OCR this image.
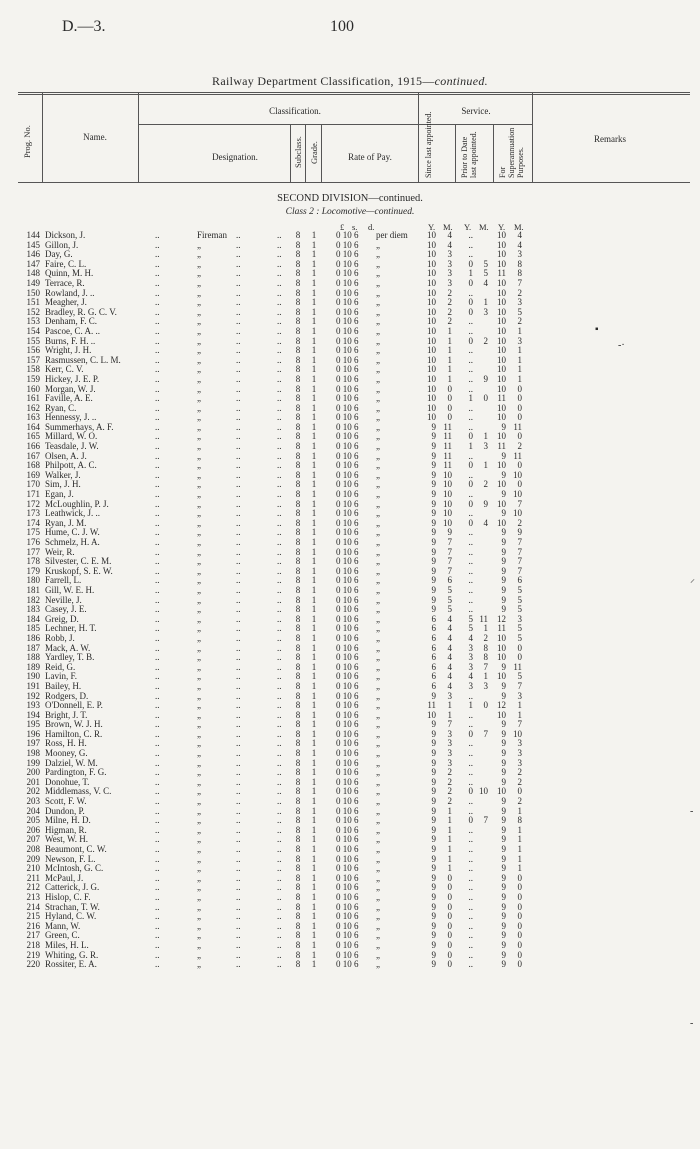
D.—3.	100
Railway Department Classification, 1915—continued.
Prog. No.	Name.
Classification.	Service.
Designation.	Subclass. Grade.	Rate of Pay.	Since last appointed.	Prior to Date last appointed.	For Superannuation Purposes.
Remarks
SECOND DIVISION—continued.
Class 2 : Locomotive—continued.
£ s. d.	Y. M. Y. M. Y. M.
144 Dickson, J.	..	Fireman ..	..	8	1	0 10 6 per diem	10	4	..	10	4
145 Gillon, J.	..	„	..	..	8	1	0 10 6 „	10	4	..	10	4
146 Day, G.	..	„	..	..	8	1	0 10 6 „	10	3	..	10	3
147 Faire, C. L.	..	„	..	..	8	1	0 10 6 „	10	3	0	5	10	8
148 Quinn, M. H.	..	„	..	..	8	1	0 10 6 „	10	3	1	5	11	8
149 Terrace, R.	..	„	..	..	8	1	0 10 6 „	10	3	0	4	10	7
150 Rowland, J. ..	..	„	..	..	8	1	0 10 6 „	10	2	..	10	2
151 Meagher, J.	..	„	..	..	8	1	0 10 6 „	10	2	0	1	10	3
152 Bradley, R. G. C. V.	..	„	..	..	8	1	0 10 6 „	10	2	0	3	10	5
153 Denham, F. C.	..	„	..	..	8	1	0 10 6 „	10	2	..	10	2
154 Pascoe, C. A. ..	..	„	..	..	8	1	0 10 6 „	10	1	..	10	1
155 Burns, F. H. ..	..	„	..	..	8	1	0 10 6 „	10	1	0	2	10	3
156 Wright, J. H.	..	„	..	..	8	1	0 10 6 „	10	1	..	10	1
157 Rasmussen, C. L. M.	..	„	..	..	8	1	0 10 6 „	10	1	..	10	1
158 Kerr, C. V.	..	„	..	..	8	1	0 10 6 „	10	1	..	10	1
159 Hickey, J. E. P.	..	„	..	..	8	1	0 10 6 „	10	1	..	9	10	1
160 Morgan, W. J.	..	„	..	..	8	1	0 10 6 „	10	0	..	10	0
161 Faville, A. E.	..	„	..	..	8	1	0 10 6 „	10	0	1	0	11	0
162 Ryan, C.	..	„	..	..	8	1	0 10 6 „	10	0	..	10	0
163 Hennessy, J. ..	..	„	..	..	8	1	0 10 6 „	10	0	..	10	0
164 Summerhays, A. F.	..	„	..	..	8	1	0 10 6 „	9 11	..	9 11
165 Millard, W. O.	..	„	..	..	8	1	0 10 6 „	9 11	0	1	10	0
166 Teasdale, J. W.	..	„	..	..	8	1	0 10 6 „	9 11	1	3	11	2
167 Olsen, A. J.	..	„	..	..	8	1	0 10 6 „	9 11	..	9 11
168 Philpott, A. C.	..	„	..	..	8	1	0 10 6 „	9 11	0	1	10	0
169 Walker, J.	..	„	..	..	8	1	0 10 6 „	9 10	..	9 10
170 Sim, J. H.	..	„	..	..	8	1	0 10 6 „	9 10	0	2	10	0
171 Egan, J.	..	„	..	..	8	1	0 10 6 „	9 10	..	9 10
172 McLoughlin, P. J.	..	„	..	..	8	1	0 10 6 „	9 10	0	9	10	7
173 Leathwick, J. ..	..	„	..	..	8	1	0 10 6 „	9 10	..	9 10
174 Ryan, J. M.	..	„	..	..	8	1	0 10 6 „	9 10	0	4	10	2
175 Hume, C. J. W.	..	„	..	..	8	1	0 10 6 „	9	9	..	9	9
176 Schmelz, H. A.	..	„	..	..	8	1	0 10 6 „	9	7	..	9	7
177 Weir, R.	..	„	..	..	8	1	0 10 6 „	9	7	..	9	7
178 Silvester, C. E. M.	..	„	..	..	8	1	0 10 6 „	9	7	..	9	7
179 Kruskopf, S. E. W.	..	„	..	..	8	1	0 10 6 „	9	7	..	9	7
180 Farrell, L.	..	„	..	..	8	1	0 10 6 „	9	6	..	9	6
181 Gill, W. E. H.	..	„	..	..	8	1	0 10 6 „	9	5	..	9	5
182 Neville, J.	..	„	..	..	8	1	0 10 6 „	9	5	..	9	5
183 Casey, J. E.	..	„	..	..	8	1	0 10 6 „	9	5	..	9	5
184 Greig, D.	..	„	..	..	8	1	0 10 6 „	6	4	5 11	12	3
185 Lechner, H. T.	..	„	..	..	8	1	0 10 6 „	6	4	5	1	11	5
186 Robb, J.	..	„	..	..	8	1	0 10 6 „	6	4	4	2	10	5
187 Mack, A. W.	..	„	..	..	8	1	0 10 6 „	6	4	3	8	10	0
188 Yardley, T. B.	..	„	..	..	8	1	0 10 6 „	6	4	3	8	10	0
189 Reid, G.	..	„	..	..	8	1	0 10 6 „	6	4	3	7	9 11
190 Lavin, F.	..	„	..	..	8	1	0 10 6 „	6	4	4	1	10	5
191 Bailey, H.	..	„	..	..	8	1	0 10 6 „	6	4	3	3	9	7
192 Rodgers, D.	..	„	..	..	8	1	0 10 6 „	9	3	..	9	3
193 O'Donnell, E. P.	..	„	..	..	8	1	0 10 6 „	11	1	1	0	12	1
194 Bright, J. T.	..	„	..	..	8	1	0 10 6 „	10	1	..	10	1
195 Brown, W. J. H.	..	„	..	..	8	1	0 10 6 „	9	7	..	9	7
196 Hamilton, C. R.	..	„	..	..	8	1	0 10 6 „	9	3	0	7	9 10
197 Ross, H. H.	..	„	..	..	8	1	0 10 6 „	9	3	..	9	3
198 Mooney, G.	..	„	..	..	8	1	0 10 6 „	9	3	..	9	3
199 Dalziel, W. M.	..	„	..	..	8	1	0 10 6 „	9	3	..	9	3
200 Pardington, F. G.	..	„	..	..	8	1	0 10 6 „	9	2	..	9	2
201 Donohue, T.	..	„	..	..	8	1	0 10 6 „	9	2	..	9	2
202 Middlemass, V. C.	..	„	..	..	8	1	0 10 6 „	9	2	0 10	10	0
203 Scott, F. W.	..	„	..	..	8	1	0 10 6 „	9	2	..	9	2
204 Dundon, P.	..	„	..	..	8	1	0 10 6 „	9	1	..	9	1
205 Milne, H. D.	..	„	..	..	8	1	0 10 6 „	9	1	0	7	9	8
206 Higman, R.	..	„	..	..	8	1	0 10 6 „	9	1	..	9	1
207 West, W. H.	..	„	..	..	8	1	0 10 6 „	9	1	..	9	1
208 Beaumont, C. W.	..	„	..	..	8	1	0 10 6 „	9	1	..	9	1
209 Newson, F. L.	..	„	..	..	8	1	0 10 6 „	9	1	..	9	1
210 McIntosh, G. C.	..	„	..	..	8	1	0 10 6 „	9	1	..	9	1
211 McPaul, J.	..	„	..	..	8	1	0 10 6 „	9	0	..	9	0
212 Catterick, J. G.	..	„	..	..	8	1	0 10 6 „	9	0	..	9	0
213 Hislop, C. F.	..	„	..	..	8	1	0 10 6 „	9	0	..	9	0
214 Strachan, T. W.	..	„	..	..	8	1	0 10 6 „	9	0	..	9	0
215 Hyland, C. W.	..	„	..	..	8	1	0 10 6 „	9	0	..	9	0
216 Mann, W.	..	„	..	..	8	1	0 10 6 „	9	0	..	9	0
217 Green, C.	..	„	..	..	8	1	0 10 6 „	9	0	..	9	0
218 Miles, H. L.	..	„	..	..	8	1	0 10 6 „	9	0	..	9	0
219 Whiting, G. R.	..	„	..	..	8	1	0 10 6 „	9	0	..	9	0
220 Rossiter, E. A.	..	„	..	..	8	1	0 10 6 „	9	0	..	9	0
▪
-·
⸝
‐
‐
